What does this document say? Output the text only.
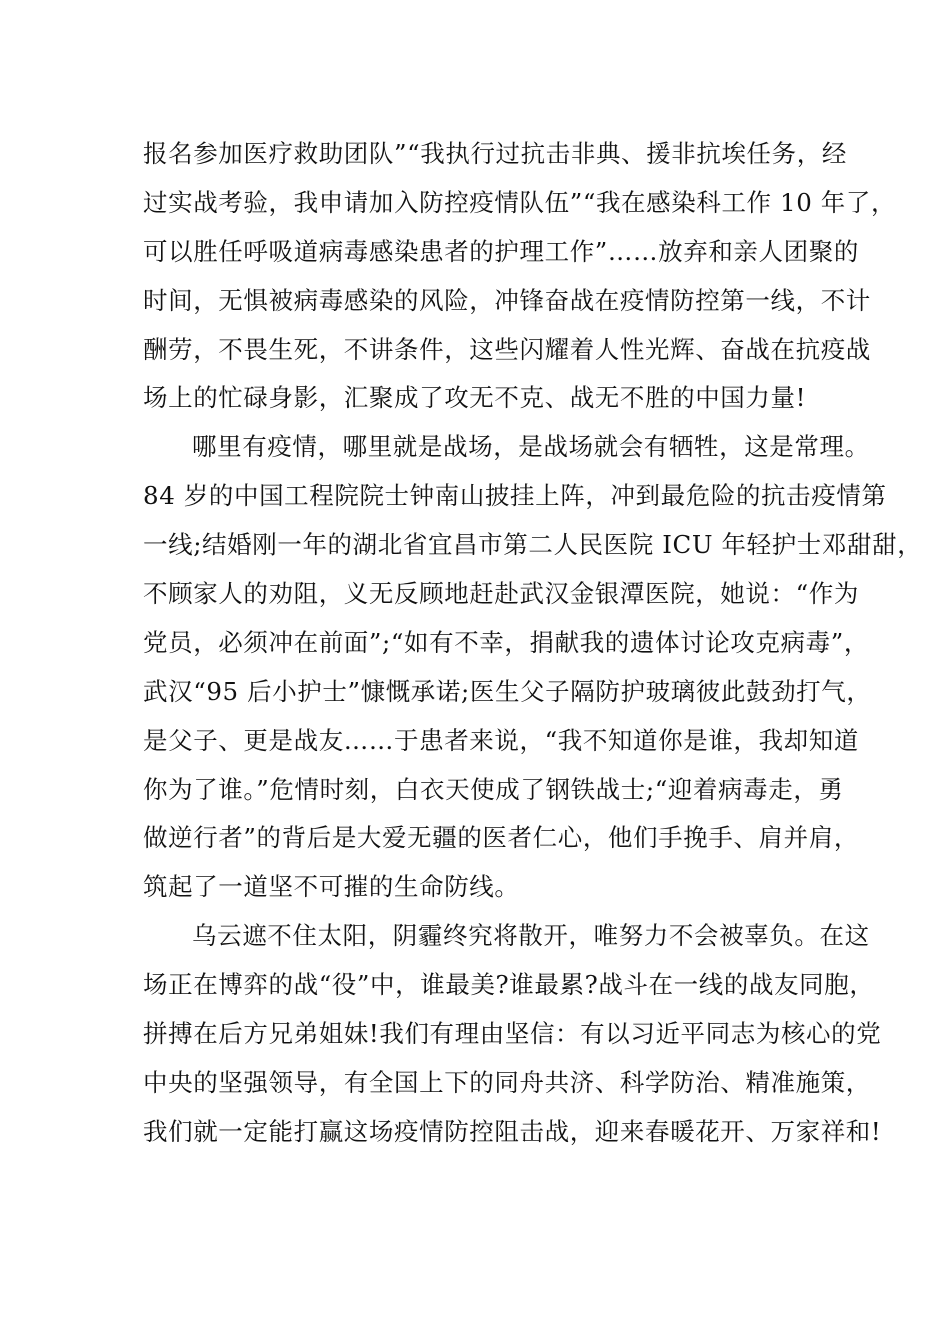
报名参加医疗救助团队”“我执行过抗击非典、援非抗埃任务，经

过实战考验，我申请加入防控疫情队伍”“我在感染科工作 10 年了，

可以胜任呼吸道病毒感染患者的护理工作”……放弃和亲人团聚的

时间，无惧被病毒感染的风险，冲锋奋战在疫情防控第一线，不计

酬劳，不畏生死，不讲条件，这些闪耀着人性光辉、奋战在抗疫战

场上的忙碌身影，汇聚成了攻无不克、战无不胜的中国力量!

哪里有疫情，哪里就是战场，是战场就会有牺牲，这是常理。

84 岁的中国工程院院士钟南山披挂上阵，冲到最危险的抗击疫情第

一线;结婚刚一年的湖北省宜昌市第二人民医院 ICU 年轻护士邓甜甜，

不顾家人的劝阻，义无反顾地赶赴武汉金银潭医院，她说：“作为

党员，必须冲在前面”;“如有不幸，捐献我的遗体讨论攻克病毒”，

武汉“95 后小护士”慷慨承诺;医生父子隔防护玻璃彼此鼓劲打气，

是父子、更是战友……于患者来说，“我不知道你是谁，我却知道

你为了谁。”危情时刻，白衣天使成了钢铁战士;“迎着病毒走，勇

做逆行者”的背后是大爱无疆的医者仁心，他们手挽手、肩并肩，

筑起了一道坚不可摧的生命防线。

乌云遮不住太阳，阴霾终究将散开，唯努力不会被辜负。在这

场正在博弈的战“役”中，谁最美?谁最累?战斗在一线的战友同胞，

拼搏在后方兄弟姐妹!我们有理由坚信：有以习近平同志为核心的党

中央的坚强领导，有全国上下的同舟共济、科学防治、精准施策，

我们就一定能打赢这场疫情防控阻击战，迎来春暖花开、万家祥和!
